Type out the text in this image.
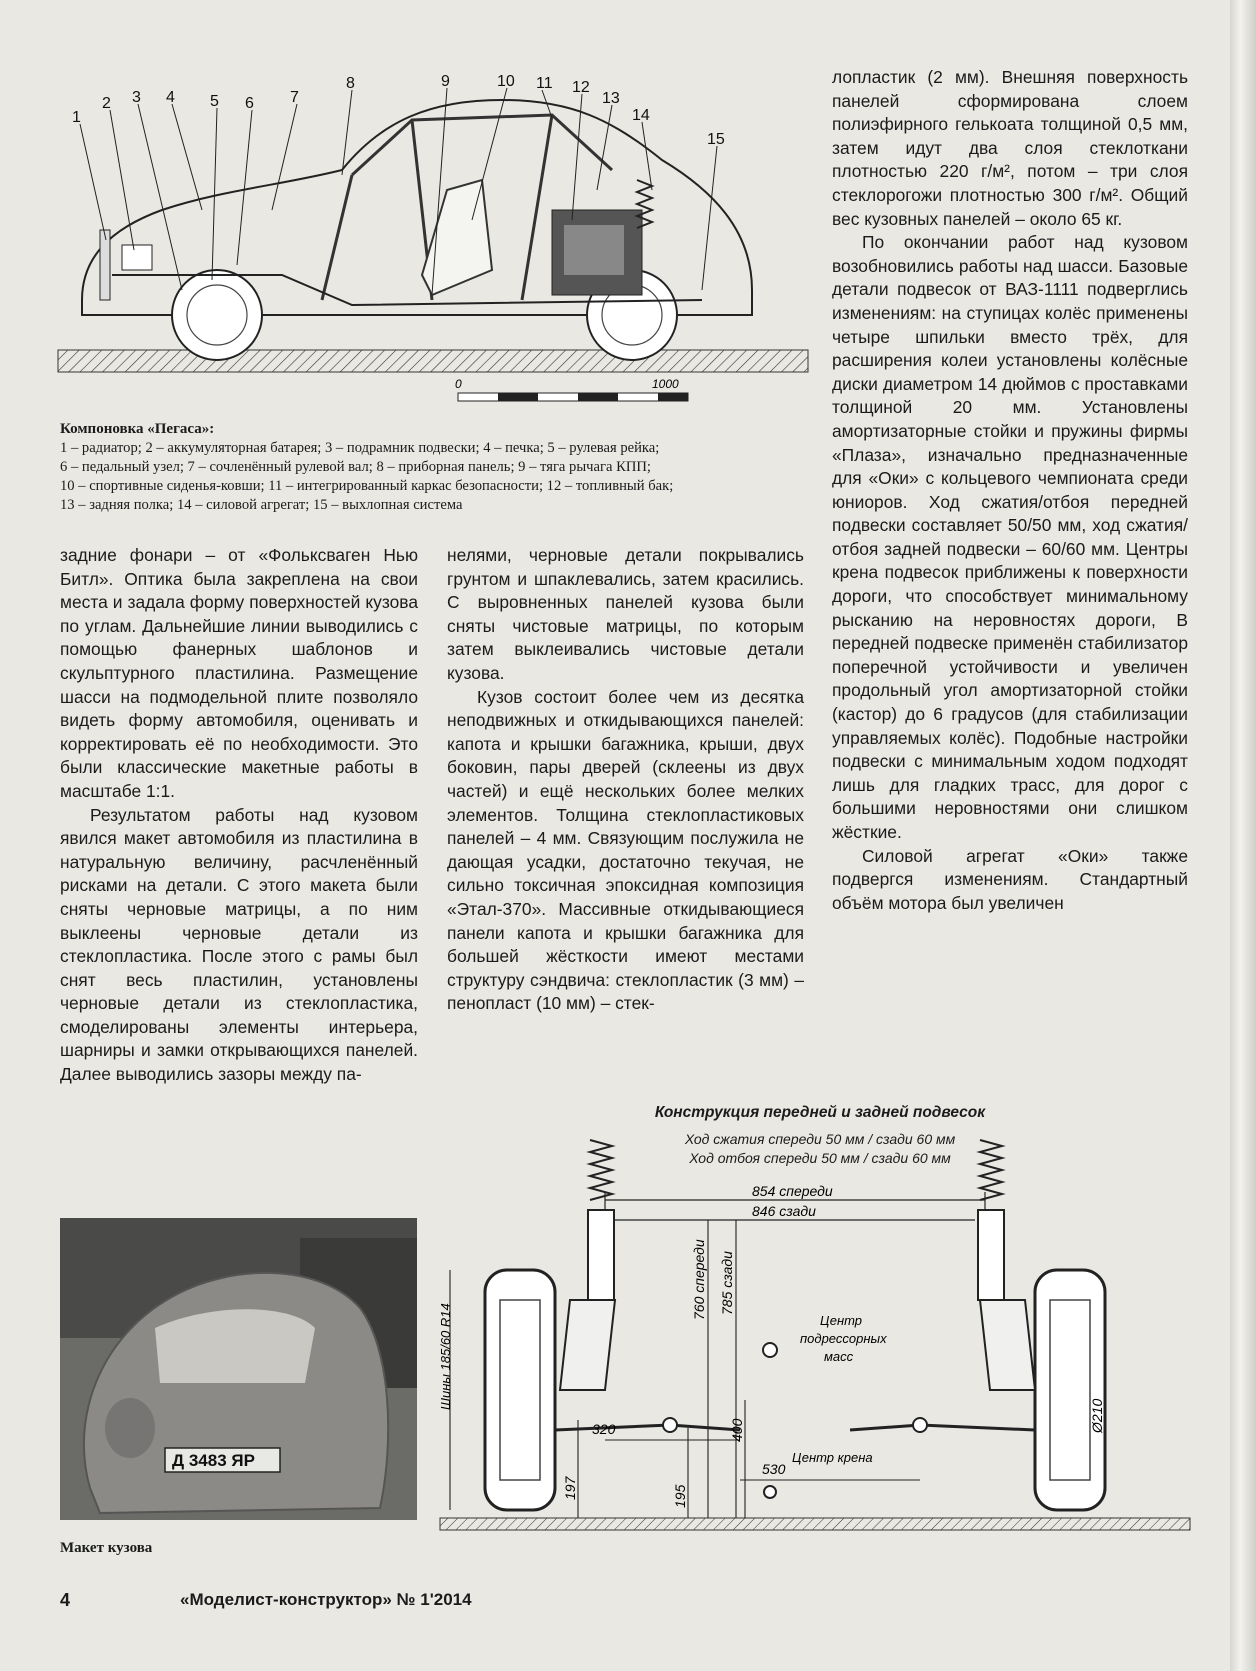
1
2 3 4 5 6 7
8	9	10 11 12
13
14
15
0	1000
Компоновка «Пегаса»:
1 – радиатор; 2 – аккумуляторная батарея; 3 – подрамник подвески; 4 – печка; 5 – рулевая рейка;
6 – педальный узел; 7 – сочленённый рулевой вал; 8 – приборная панель; 9 – тяга рычага КПП;
10 – спортивные сиденья-ковши; 11 – интегрированный каркас безопасности; 12 – топливный бак;
13 – задняя полка; 14 – силовой агрегат; 15 – выхлопная система

лопластик (2 мм). Внешняя поверхность панелей сформирована слоем полиэфирного гелькоата толщиной 0,5 мм, затем идут два слоя стеклоткани плотностью 220 г/м², потом – три слоя стеклорогожи плотностью 300 г/м². Общий вес кузовных панелей – около 65 кг.

По окончании работ над кузовом возобновились работы над шасси. Базовые детали подвесок от ВАЗ-1111 подверглись изменениям: на ступицах колёс применены четыре шпильки вместо трёх, для расширения колеи установлены колёсные диски диаметром 14 дюймов с проставками толщиной 20 мм. Установлены амортизаторные стойки и пружины фирмы «Плаза», изначально предназначенные для «Оки» с кольцевого чемпионата среди юниоров. Ход сжатия/отбоя передней подвески составляет 50/50 мм, ход сжатия/отбоя задней подвески – 60/60 мм. Центры крена подвесок приближены к поверхности дороги, что способствует минимальному рысканию на неровностях дороги, В передней подвеске применён стабилизатор поперечной устойчивости и увеличен продольный угол амортизаторной стойки (кастор) до 6 градусов (для стабилизации управляемых колёс). Подобные настройки подвески с минимальным ходом подходят лишь для гладких трасс, для дорог с большими неровностями они слишком жёсткие.

Силовой агрегат «Оки» также подвергся изменениям. Стандартный объём мотора был увеличен

задние фонари – от «Фольксваген Нью Битл». Оптика была закреплена на свои места и задала форму поверхностей кузова по углам. Дальнейшие линии выводились с помощью фанерных шаблонов и скульптурного пластилина. Размещение шасси на подмодельной плите позволяло видеть форму автомобиля, оценивать и корректировать её по необходимости. Это были классические макетные работы в масштабе 1:1.

Результатом работы над кузовом явился макет автомобиля из пластилина в натуральную величину, расчленённый рисками на детали. С этого макета были сняты черновые матрицы, а по ним выклеены черновые детали из стеклопластика. После этого с рамы был снят весь пластилин, установлены черновые детали из стеклопластика, смоделированы элементы интерьера, шарниры и замки открывающихся панелей. Далее выводились зазоры между па-

нелями, черновые детали покрывались грунтом и шпаклевались, затем красились. С выровненных панелей кузова были сняты чистовые матрицы, по которым затем выклеивались чистовые детали кузова.

Кузов состоит более чем из десятка неподвижных и откидывающихся панелей: капота и крышки багажника, крыши, двух боковин, пары дверей (склеены из двух частей) и ещё нескольких более мелких элементов. Толщина стеклопластиковых панелей – 4 мм. Связующим послужила не дающая усадки, достаточно текучая, не сильно токсичная эпоксидная композиция «Этал-370». Массивные откидывающиеся панели капота и крышки багажника для большей жёсткости имеют местами структуру сэндвича: стеклопластик (3 мм) – пенопласт (10 мм) – стек-

Д 3483 ЯР
Макет кузова
Конструкция передней и задней подвесок
Ход сжатия спереди 50 мм / сзади 60 мм
Ход отбоя спереди 50 мм / сзади 60 мм
854 спереди
846 сзади
Центр
подрессорных
масс
Центр крена
Шины 185/60 R14
760 спереди 785 сзади
400
197	195
Ø210
320
530
4	«Моделист-конструктор» № 1'2014
